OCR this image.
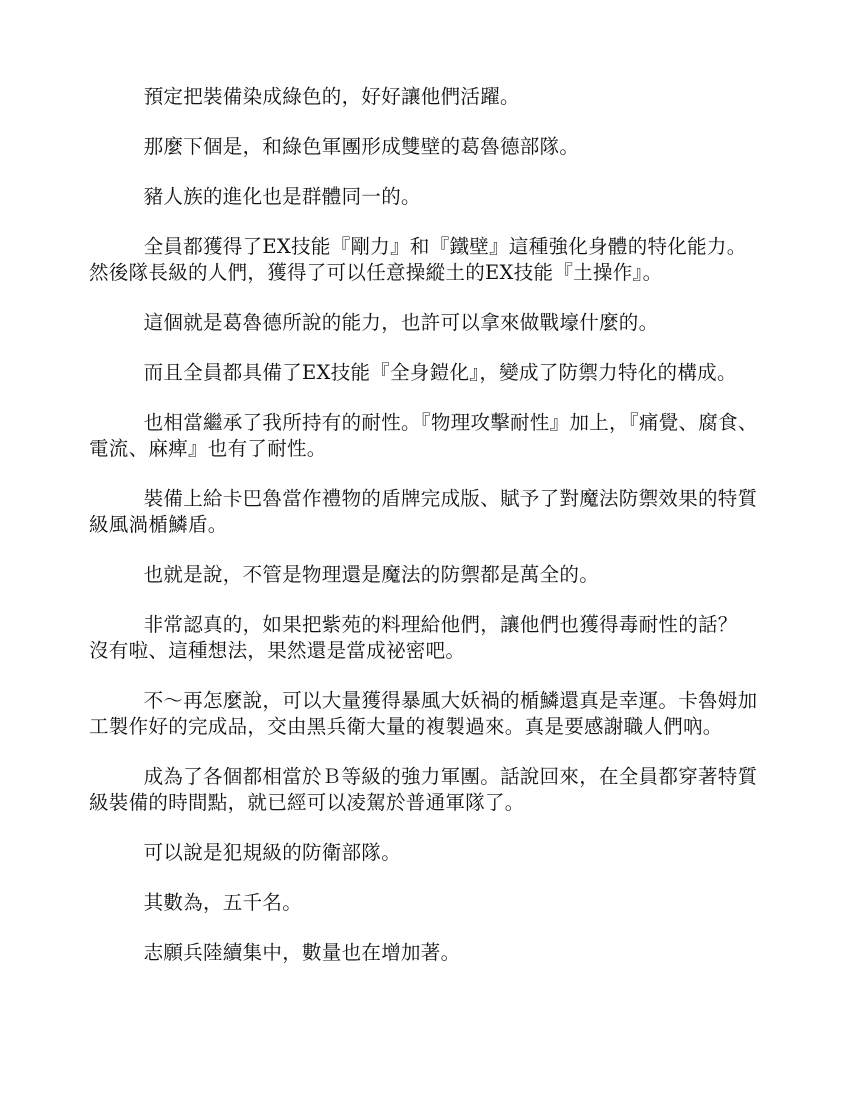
預定把裝備染成綠色的，好好讓他們活躍。

那麼下個是，和綠色軍團形成雙壁的葛魯德部隊。

豬人族的進化也是群體同一的。

全員都獲得了EX技能『剛力』和『鐵壁』這種強化身體的特化能力。然後隊長級的人們，獲得了可以任意操縱土的EX技能『土操作』。

這個就是葛魯德所說的能力，也許可以拿來做戰壕什麼的。

而且全員都具備了EX技能『全身鎧化』，變成了防禦力特化的構成。

也相當繼承了我所持有的耐性。『物理攻擊耐性』加上，『痛覺、腐食、電流、麻痺』也有了耐性。

裝備上給卡巴魯當作禮物的盾牌完成版、賦予了對魔法防禦效果的特質級風渦楯鱗盾。

也就是說，不管是物理還是魔法的防禦都是萬全的。

非常認真的，如果把紫苑的料理給他們，讓他們也獲得毒耐性的話？　沒有啦、這種想法，果然還是當成祕密吧。

不～再怎麼說，可以大量獲得暴風大妖禍的楯鱗還真是幸運。卡魯姆加工製作好的完成品，交由黑兵衛大量的複製過來。真是要感謝職人們吶。

成為了各個都相當於Ｂ等級的強力軍團。話說回來，在全員都穿著特質級裝備的時間點，就已經可以凌駕於普通軍隊了。

可以說是犯規級的防衛部隊。

其數為，五千名。

志願兵陸續集中，數量也在增加著。
